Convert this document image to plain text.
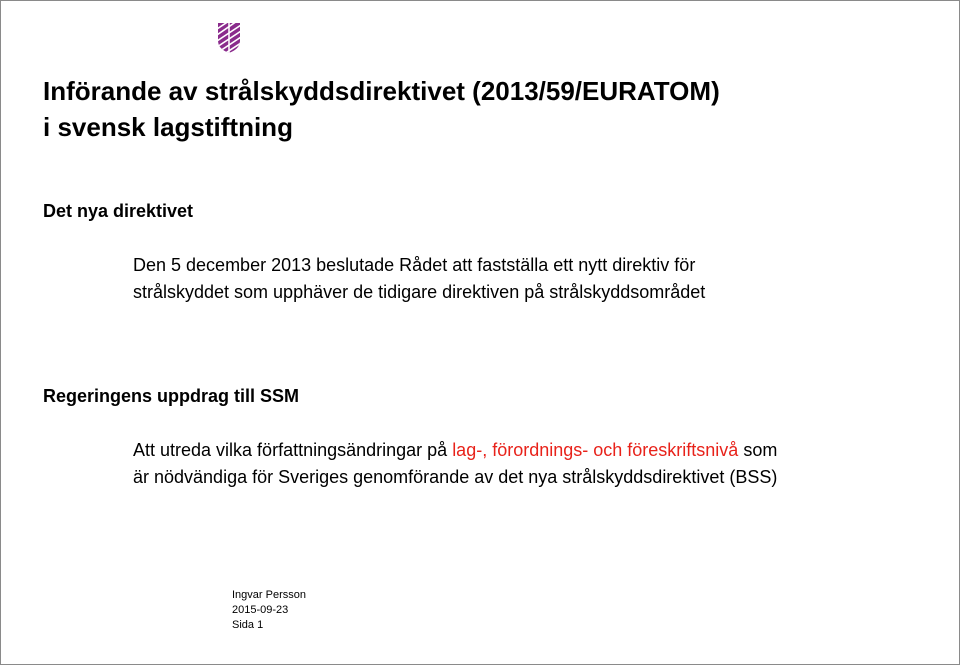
Införande av strålskyddsdirektivet (2013/59/EURATOM)
i svensk lagstiftning
Det nya direktivet

Den 5 december 2013 beslutade Rådet att fastställa ett nytt direktiv för
strålskyddet som upphäver de tidigare direktiven på strålskyddsområdet

Regeringens uppdrag till SSM

Att utreda vilka författningsändringar på lag-, förordnings- och föreskriftsnivå som
är nödvändiga för Sveriges genomförande av det nya strålskyddsdirektivet (BSS)

Ingvar Persson
2015-09-23
Sida 1
